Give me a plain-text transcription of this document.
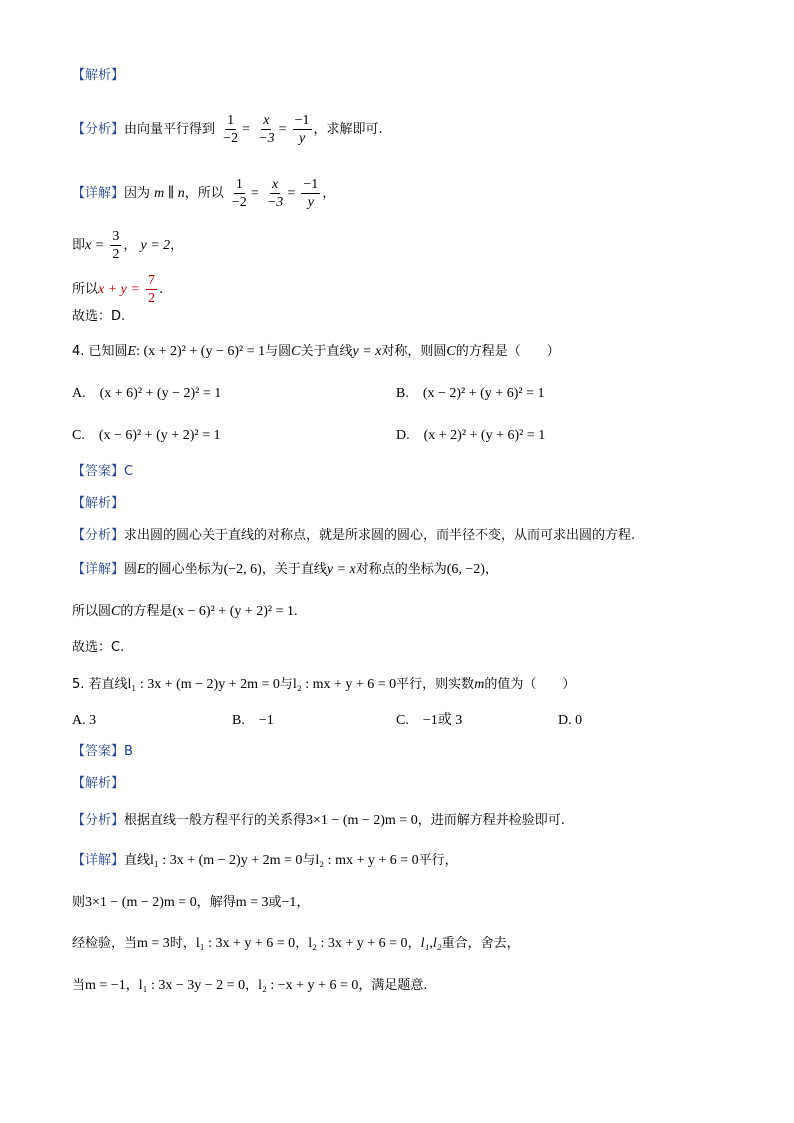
【解析】
【分析】由向量平行得到 $\frac{1}{-2} = \frac{x}{-3} = \frac{-1}{y}$ ，求解即可.
【详解】因为 m ∥ n，所以 $\frac{1}{-2} = \frac{x}{-3} = \frac{-1}{y}$ ，
即$x = \frac{3}{2}$ ， y = 2，
所以$x + y = \frac{7}{2}$ .
故选：D.
4. 已知圆E: (x + 2)² + (y − 6)² = 1与圆C关于直线y = x对称，则圆C的方程是（　　）
A.　(x + 6)² + (y − 2)² = 1	B.　(x − 2)² + (y + 6)² = 1
C.　(x − 6)² + (y + 2)² = 1	D.　(x + 2)² + (y + 6)² = 1
【答案】C
【解析】
【分析】求出圆的圆心关于直线的对称点，就是所求圆的圆心，而半径不变，从而可求出圆的方程.
【详解】圆E的圆心坐标为(−2, 6)，关于直线y = x对称点的坐标为(6, −2)，
所以圆C的方程是(x − 6)² + (y + 2)² = 1.
故选：C.
5. 若直线l₁ : 3x + (m − 2)y + 2m = 0与l₂ : mx + y + 6 = 0平行，则实数m的值为（　　）
A. 3	B.　−1	C.　−1或 3	D. 0
【答案】B
【解析】
【分析】根据直线一般方程平行的关系得3×1 − (m − 2)m = 0，进而解方程并检验即可.
【详解】直线l₁ : 3x + (m − 2)y + 2m = 0与l₂ : mx + y + 6 = 0平行，
则3×1 − (m − 2)m = 0，解得m = 3或−1，
经检验，当m = 3时，l₁ : 3x + y + 6 = 0，l₂ : 3x + y + 6 = 0，l₁,l₂重合，舍去，
当m = −1，l₁ : 3x − 3y − 2 = 0，l₂ : −x + y + 6 = 0，满足题意.
